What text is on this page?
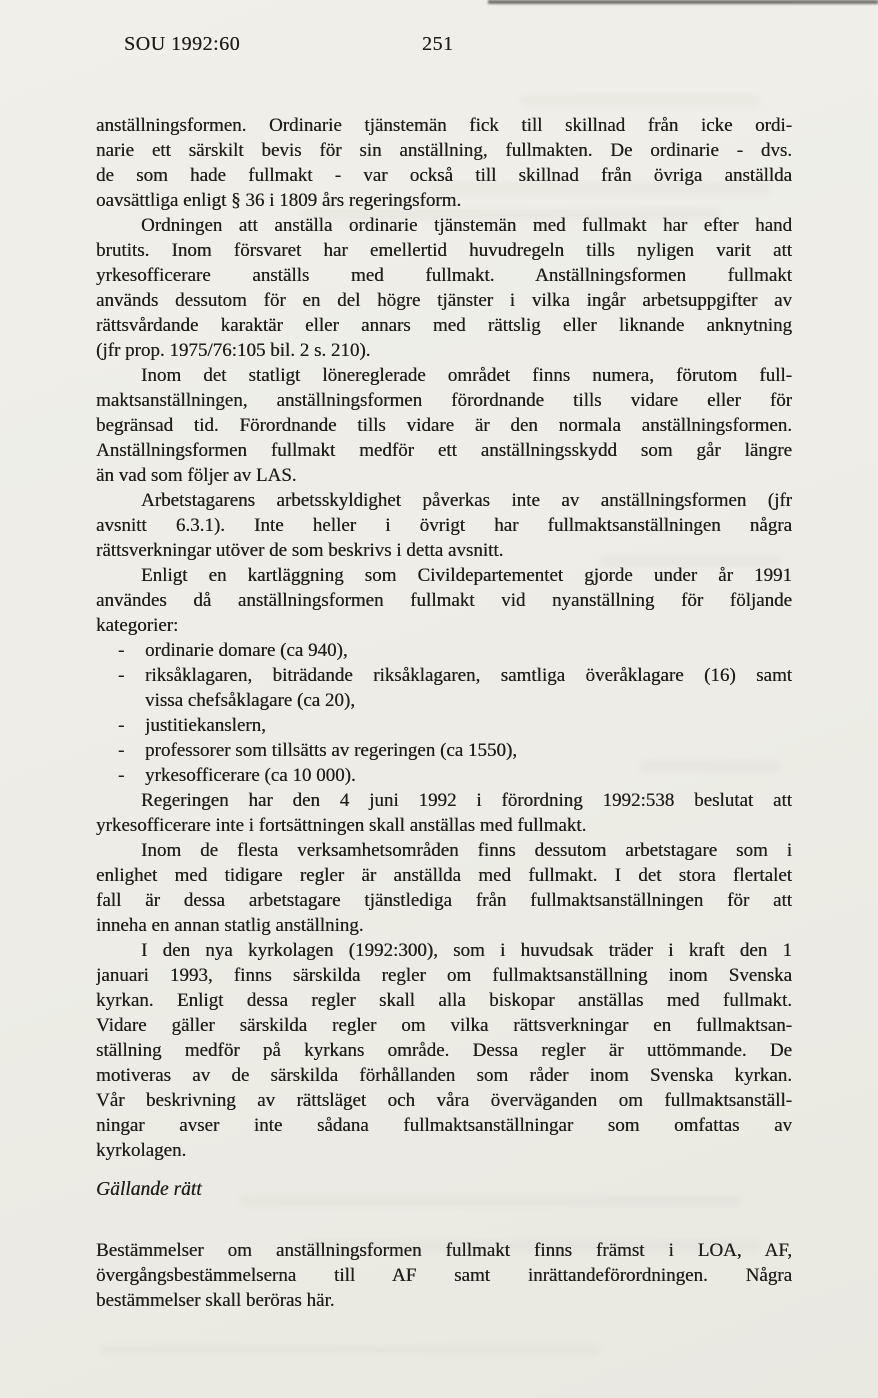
SOU 1992:60	251
anställningsformen. Ordinarie tjänstemän fick till skillnad från icke ordi-
narie ett särskilt bevis för sin anställning, fullmakten. De ordinarie - dvs.
de som hade fullmakt - var också till skillnad från övriga anställda
oavsättliga enligt § 36 i 1809 års regeringsform.
Ordningen att anställa ordinarie tjänstemän med fullmakt har efter hand
brutits. Inom försvaret har emellertid huvudregeln tills nyligen varit att
yrkesofficerare anställs med fullmakt. Anställningsformen fullmakt
används dessutom för en del högre tjänster i vilka ingår arbetsuppgifter av
rättsvårdande karaktär eller annars med rättslig eller liknande anknytning
(jfr prop. 1975/76:105 bil. 2 s. 210).
Inom det statligt lönereglerade området finns numera, förutom full-
maktsanställningen, anställningsformen förordnande tills vidare eller för
begränsad tid. Förordnande tills vidare är den normala anställningsformen.
Anställningsformen fullmakt medför ett anställningsskydd som går längre
än vad som följer av LAS.
Arbetstagarens arbetsskyldighet påverkas inte av anställningsformen (jfr
avsnitt 6.3.1). Inte heller i övrigt har fullmaktsanställningen några
rättsverkningar utöver de som beskrivs i detta avsnitt.
Enligt en kartläggning som Civildepartementet gjorde under år 1991
användes då anställningsformen fullmakt vid nyanställning för följande
kategorier:
- ordinarie domare (ca 940),
- riksåklagaren, biträdande riksåklagaren, samtliga överåklagare (16) samt
vissa chefsåklagare (ca 20),
- justitiekanslern,
- professorer som tillsätts av regeringen (ca 1550),
- yrkesofficerare (ca 10 000).
Regeringen har den 4 juni 1992 i förordning 1992:538 beslutat att
yrkesofficerare inte i fortsättningen skall anställas med fullmakt.
Inom de flesta verksamhetsområden finns dessutom arbetstagare som i
enlighet med tidigare regler är anställda med fullmakt. I det stora flertalet
fall är dessa arbetstagare tjänstlediga från fullmaktsanställningen för att
inneha en annan statlig anställning.
I den nya kyrkolagen (1992:300), som i huvudsak träder i kraft den 1
januari 1993, finns särskilda regler om fullmaktsanställning inom Svenska
kyrkan. Enligt dessa regler skall alla biskopar anställas med fullmakt.
Vidare gäller särskilda regler om vilka rättsverkningar en fullmaktsan-
ställning medför på kyrkans område. Dessa regler är uttömmande. De
motiveras av de särskilda förhållanden som råder inom Svenska kyrkan.
Vår beskrivning av rättsläget och våra överväganden om fullmaktsanställ-
ningar avser inte sådana fullmaktsanställningar som omfattas av
kyrkolagen.
Gällande rätt
Bestämmelser om anställningsformen fullmakt finns främst i LOA, AF,
övergångsbestämmelserna till AF samt inrättandeförordningen. Några
bestämmelser skall beröras här.
